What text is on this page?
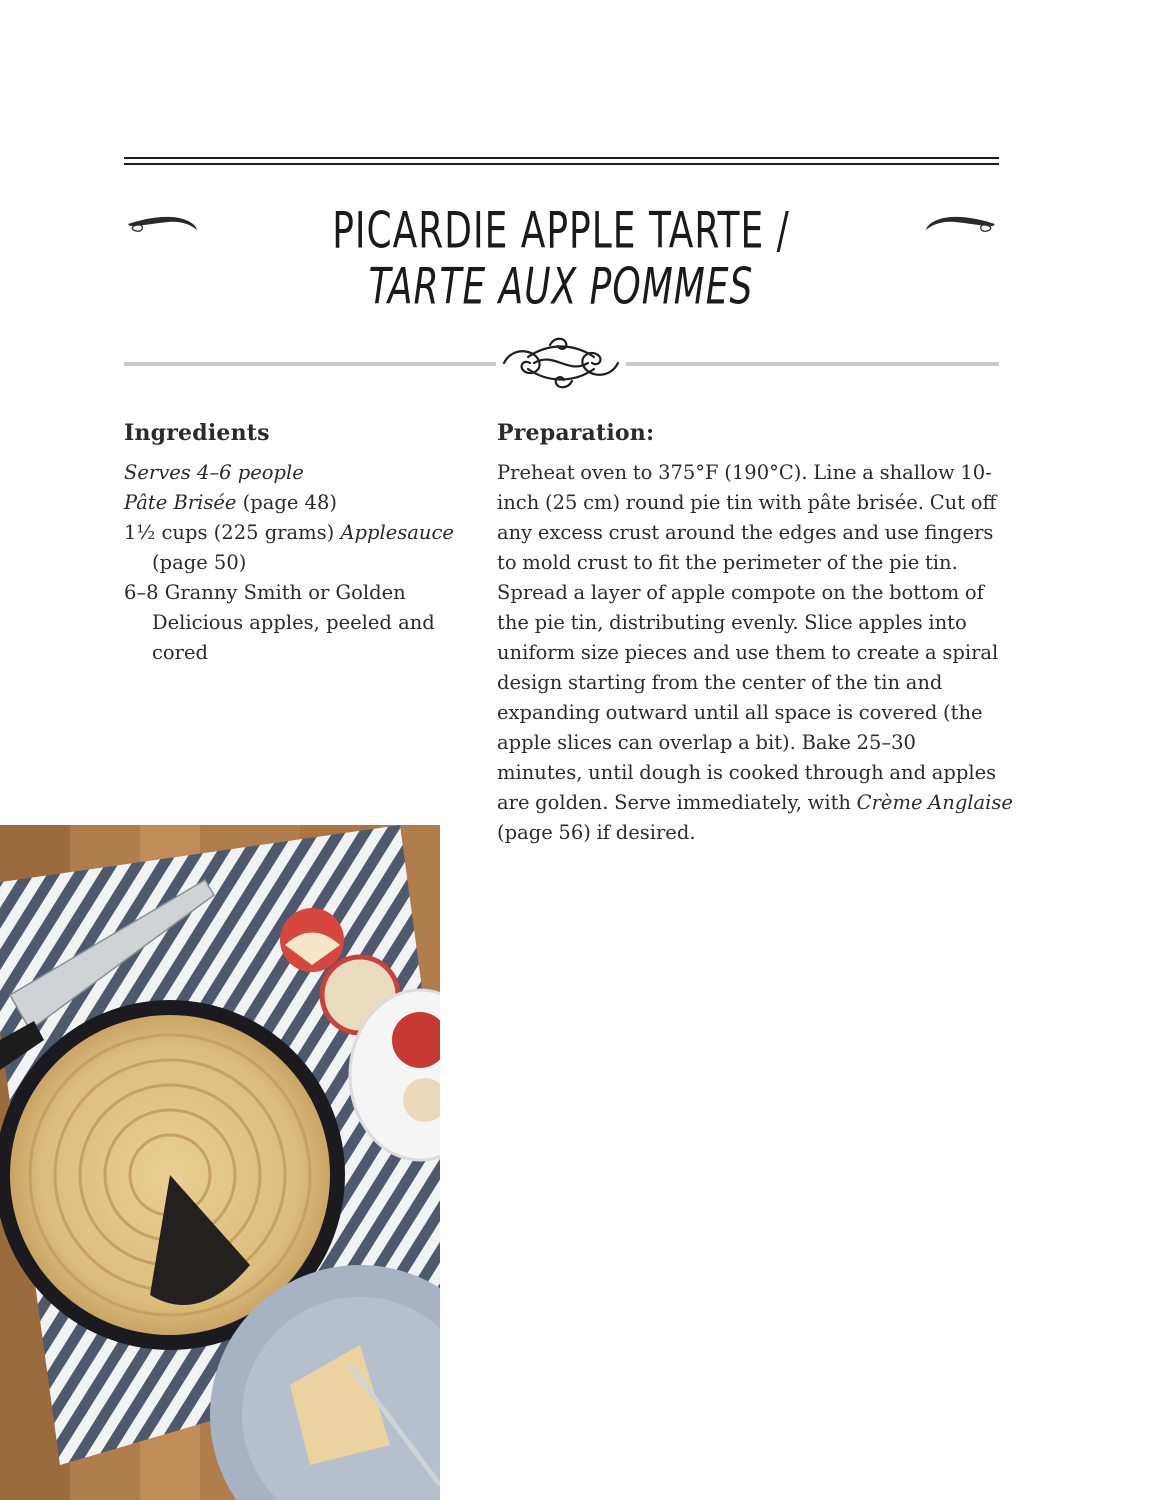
PICARDIE APPLE TARTE /
TARTE AUX POMMES
Ingredients
Serves 4–6 people
Pâte Brisée (page 48)
1½ cups (225 grams) Applesauce (page 50)
6–8 Granny Smith or Golden Delicious apples, peeled and cored
Preparation:
Preheat oven to 375°F (190°C). Line a shallow 10-
inch (25 cm) round pie tin with pâte brisée. Cut off
any excess crust around the edges and use fingers
to mold crust to fit the perimeter of the pie tin.
Spread a layer of apple compote on the bottom of
the pie tin, distributing evenly. Slice apples into
uniform size pieces and use them to create a spiral
design starting from the center of the tin and
expanding outward until all space is covered (the
apple slices can overlap a bit). Bake 25–30
minutes, until dough is cooked through and apples
are golden. Serve immediately, with Crème Anglaise
(page 56) if desired.
